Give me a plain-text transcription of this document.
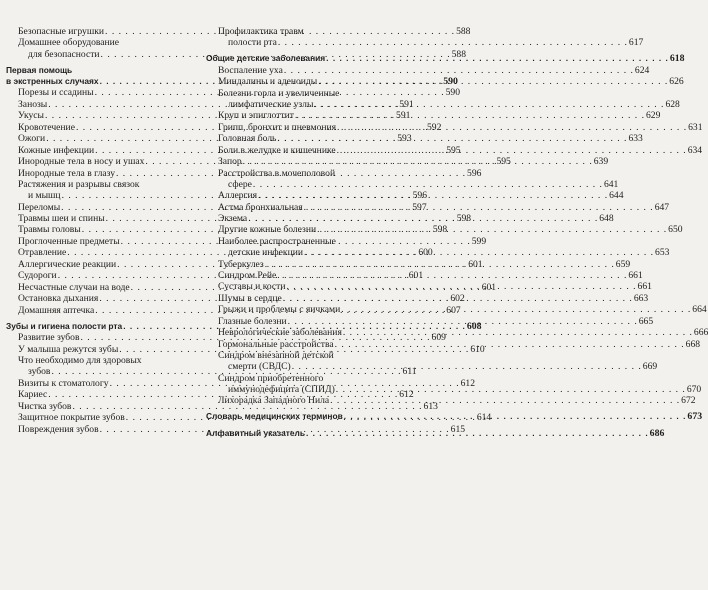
Безопасные игрушки . . .	588
Домашнее оборудование
для безопасности . . .	588
Первая помощь
в экстренных случаях . . .	590
Порезы и ссадины . . .	590
Занозы . . .	591
Укусы . . .	591
Кровотечение . . .	592
Ожоги . . .	593
Кожные инфекции . . .	595
Инородные тела в носу и ушах . . .	595
Инородные тела в глазу . . .	596
Растяжения и разрывы связок
и мышц . . .	596
Переломы . . .	597
Травмы шеи и спины . . .	598
Травмы головы . . .	598
Проглоченные предметы . . .	599
Отравление . . .	600
Аллергические реакции . . .	601
Судороги . . .	601
Несчастные случаи на воде . . .	601
Остановка дыхания . . .	602
Домашняя аптечка . . .	607
Зубы и гигиена полости рта . . .	608
Развитие зубов . . .	609
У малыша режутся зубы . . .	610
Что необходимо для здоровых
зубов . . .	611
Визиты к стоматологу . . .	612
Кариес . . .	612
Чистка зубов . . .	613
Защитное покрытие зубов . . .	614
Повреждения зубов . . .	615
Профилактика травм
полости рта . . .	617
Общие детские заболевания . . .	618
Воспаление уха . . .	624
Миндалины и аденоиды . . .	626
Болезни горла и увеличенные
лимфатические узлы . . .	628
Круп и эпиглоттит . . .	629
Грипп, бронхит и пневмония . . .	631
Головная боль . . .	633
Боли в желудке и кишечнике . . .	634
Запор . . .	639
Расстройства в мочеполовой
сфере . . .	641
Аллергия . . .	644
Астма бронхиальная . . .	647
Экзема . . .	648
Другие кожные болезни . . .	650
Наиболее распространенные
детские инфекции . . .	653
Туберкулез . . .	659
Синдром Рейе . . .	661
Суставы и кости . . .	661
Шумы в сердце . . .	663
Грыжи и проблемы с яичками . . .	664
Глазные болезни . . .	665
Неврологические заболевания . . .	666
Гормональные расстройства . . .	668
Синдром внезапной детской
смерти (СВДС) . . .	669
Синдром приобретенного
иммунодефицита (СПИД) . . .	670
Лихорадка Западного Нила . . .	672
Словарь медицинских терминов . . .	673
Алфавитный указатель . . .	686
